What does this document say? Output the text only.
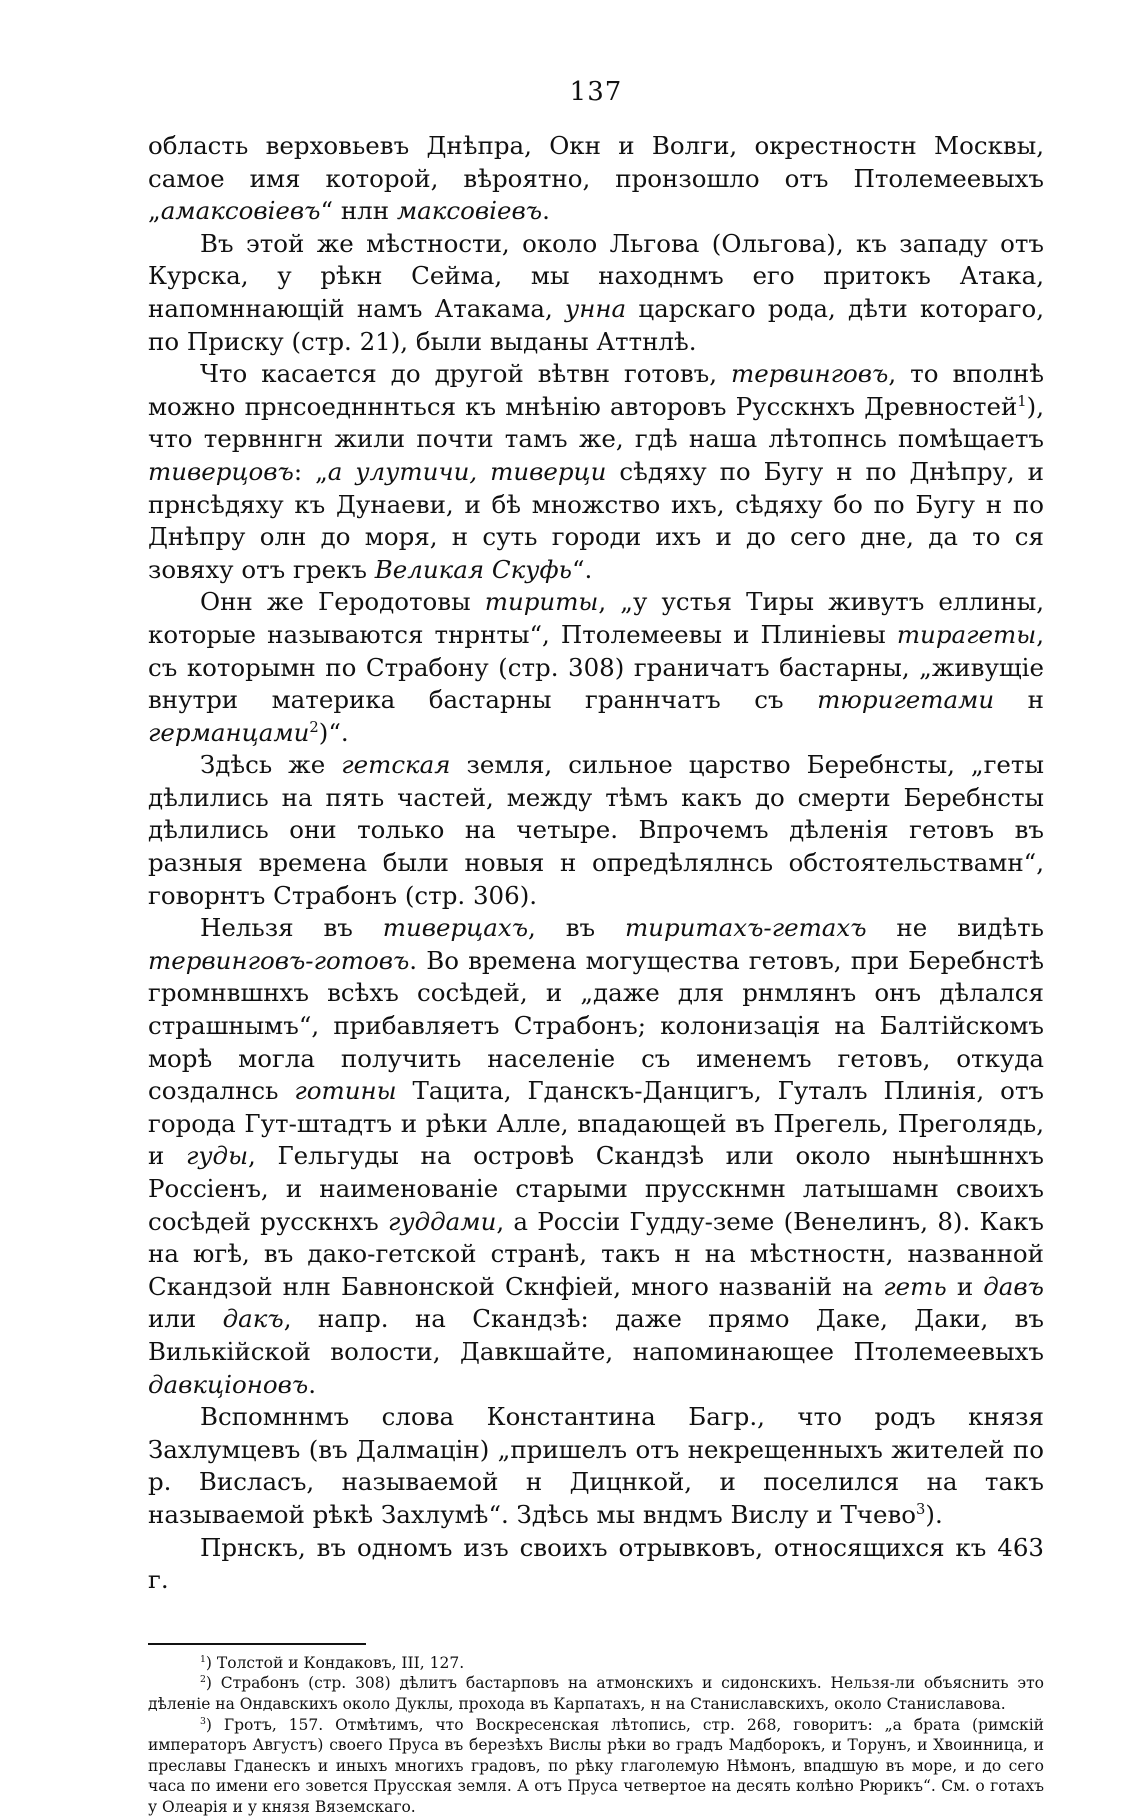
137

область верховьевъ Днѣпра, Окн и Волги, окрестностн Москвы, самое имя которой, вѣроятно, пронзошло отъ Птолемеевыхъ „амаксовіевъ“ нлн максовіевъ.

Въ этой же мѣстности, около Льгова (Ольгова), къ западу отъ Курска, у рѣкн Сейма, мы находнмъ его притокъ Атака, напомннающій намъ Атакама, унна царскаго рода, дѣти котораго, по Приску (стр. 21), были выданы Аттнлѣ.

Что касается до другой вѣтвн готовъ, тервинговъ, то вполнѣ можно прнсоеднннться къ мнѣнію авторовъ Русскнхъ Древностей$^1$), что тервннгн жили почти тамъ же, гдѣ наша лѣтопнсь помѣщаетъ тиверцовъ: „а улутичи, тиверци сѣдяху по Бугу н по Днѣпру, и прнсѣдяху къ Дунаеви, и бѣ множство ихъ, сѣдяху бо по Бугу н по Днѣпру олн до моря, н суть городи ихъ и до сего дне, да то ся зовяху отъ грекъ Великая Скуфь“.

Онн же Геродотовы тириты, „у устья Тиры живутъ еллины, которые называются тнрнты“, Птолемеевы и Плиніевы тирагеты, съ которымн по Страбону (стр. 308) граничатъ бастарны, „живущіе внутри материка бастарны граннчатъ съ тюригетами н германцами$^2$)“.

Здѣсь же гетская земля, сильное царство Беребнсты, „геты дѣлились на пять частей, между тѣмъ какъ до смерти Беребнсты дѣлились они только на четыре. Впрочемъ дѣленія гетовъ въ разныя времена были новыя н опредѣлялнсь обстоятельствамн“, говорнтъ Страбонъ (стр. 306).

Нельзя въ тиверцахъ, въ тиритахъ-гетахъ не видѣть тервинговъ-готовъ. Во времена могущества гетовъ, при Беребнстѣ громнвшнхъ всѣхъ сосѣдей, и „даже для рнмлянъ онъ дѣлался страшнымъ“, прибавляетъ Страбонъ; колонизація на Балтійскомъ морѣ могла получить населеніе съ именемъ гетовъ, откуда создалнсь готины Тацита, Гданскъ-Данцигъ, Гуталъ Плинія, отъ города Гут-штадтъ и рѣки Алле, впадающей въ Прегель, Преголядь, и гуды, Гельгуды на островѣ Скандзѣ или около нынѣшннхъ Россіенъ, и наименованіе старыми прусскнмн латышамн своихъ сосѣдей русскнхъ гуддами, а Россіи Гудду-земе (Венелинъ, 8). Какъ на югѣ, въ дако-гетской странѣ, такъ н на мѣстностн, названной Скандзой нлн Бавнонской Скнфіей, много названій на геть и давъ или дакъ, напр. на Скандзѣ: даже прямо Даке, Даки, въ Вилькійской волости, Давкшайте, напоминающее Птолемеевыхъ давкціоновъ.

Вспомннмъ слова Константина Багр., что родъ князя Захлумцевъ (въ Далмацін) „пришелъ отъ некрещенныхъ жителей по р. Висласъ, называемой н Дицнкой, и поселился на такъ называемой рѣкѣ Захлумѣ“. Здѣсь мы вндмъ Вислу и Тчево$^3$).

Прнскъ, въ одномъ изъ своихъ отрывковъ, относящихся къ 463 г.

$^1$) Толстой и Кондаковъ, III, 127.

$^2$) Страбонъ (стр. 308) дѣлитъ бастарповъ на атмонскихъ и сидонскихъ. Нельзя-ли объяснить это дѣленіе на Ондавскихъ около Дуклы, прохода въ Карпатахъ, н на Станиславскихъ, около Станиславова.

$^3$) Гротъ, 157. Отмѣтимъ, что Воскресенская лѣтопись, стр. 268, говоритъ: „а брата (римскій императоръ Августъ) своего Пруса въ березѣхъ Вислы рѣки во градъ Мадборокъ, и Торунъ, и Хвоинница, и преславы Гданескъ и иныхъ многихъ градовъ, по рѣку глаголемую Нѣмонъ, впадшую въ море, и до сего часа по имени его зовется Прусская земля. А отъ Пруса четвертое на десять колѣно Рюрикъ“. См. о готахъ у Олеарія и у князя Вяземскаго.
